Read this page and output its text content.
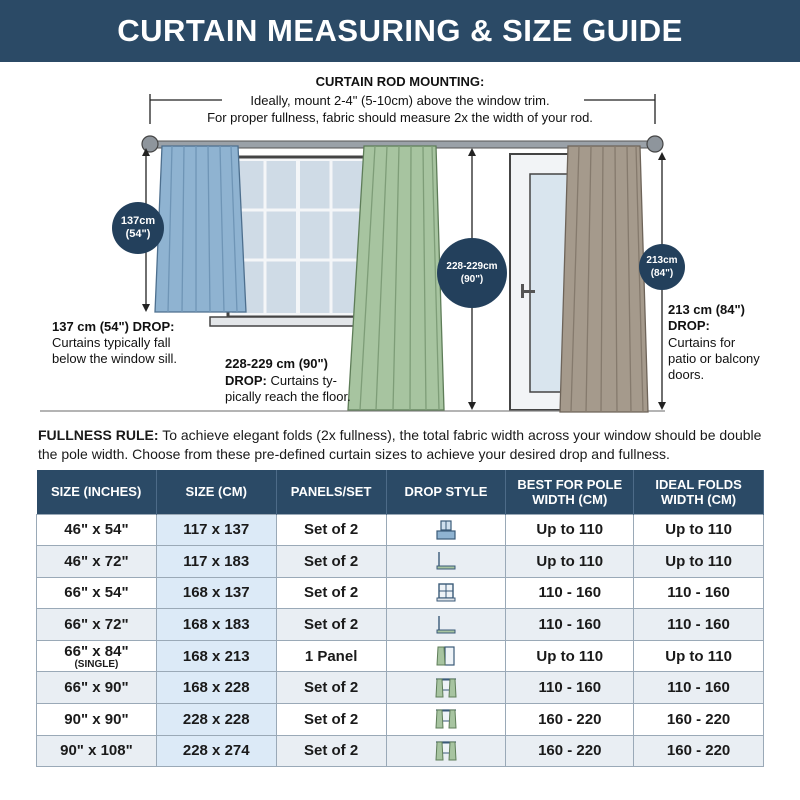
CURTAIN MEASURING & SIZE GUIDE
CURTAIN ROD MOUNTING:
Ideally, mount 2-4" (5-10cm) above the window trim.
For proper fullness, fabric should measure 2x the width of your rod.
137cm
(54")
228-229cm
(90")
213cm
(84")
137 cm (54") DROP:
Curtains typically fall
below the window sill.	228-229 cm (90")
DROP: Curtains ty-
pically reach the floor.
213 cm (84")
DROP:
Curtains for
patio or balcony
doors.
FULLNESS RULE: To achieve elegant folds (2x fullness), the total fabric width across your window should be double the pole width. Choose from these pre-defined curtain sizes to achieve your desired drop and fullness.
SIZE (INCHES)	SIZE (CM)	PANELS/SET	DROP STYLE	BEST FOR POLE WIDTH (CM)	IDEAL FOLDS WIDTH (CM)
46" x 54"	117 x 137	Set of 2		Up to 110	Up to 110
46" x 72"	117 x 183	Set of 2		Up to 110	Up to 110
66" x 54"	168 x 137	Set of 2		110 - 160	110 - 160
66" x 72"	168 x 183	Set of 2		110 - 160	110 - 160
66" x 84"
(SINGLE)	168 x 213	1 Panel		Up to 110	Up to 110
66" x 90"	168 x 228	Set of 2		110 - 160	110 - 160
90" x 90"	228 x 228	Set of 2		160 - 220	160 - 220
90" x 108"	228 x 274	Set of 2		160 - 220	160 - 220
